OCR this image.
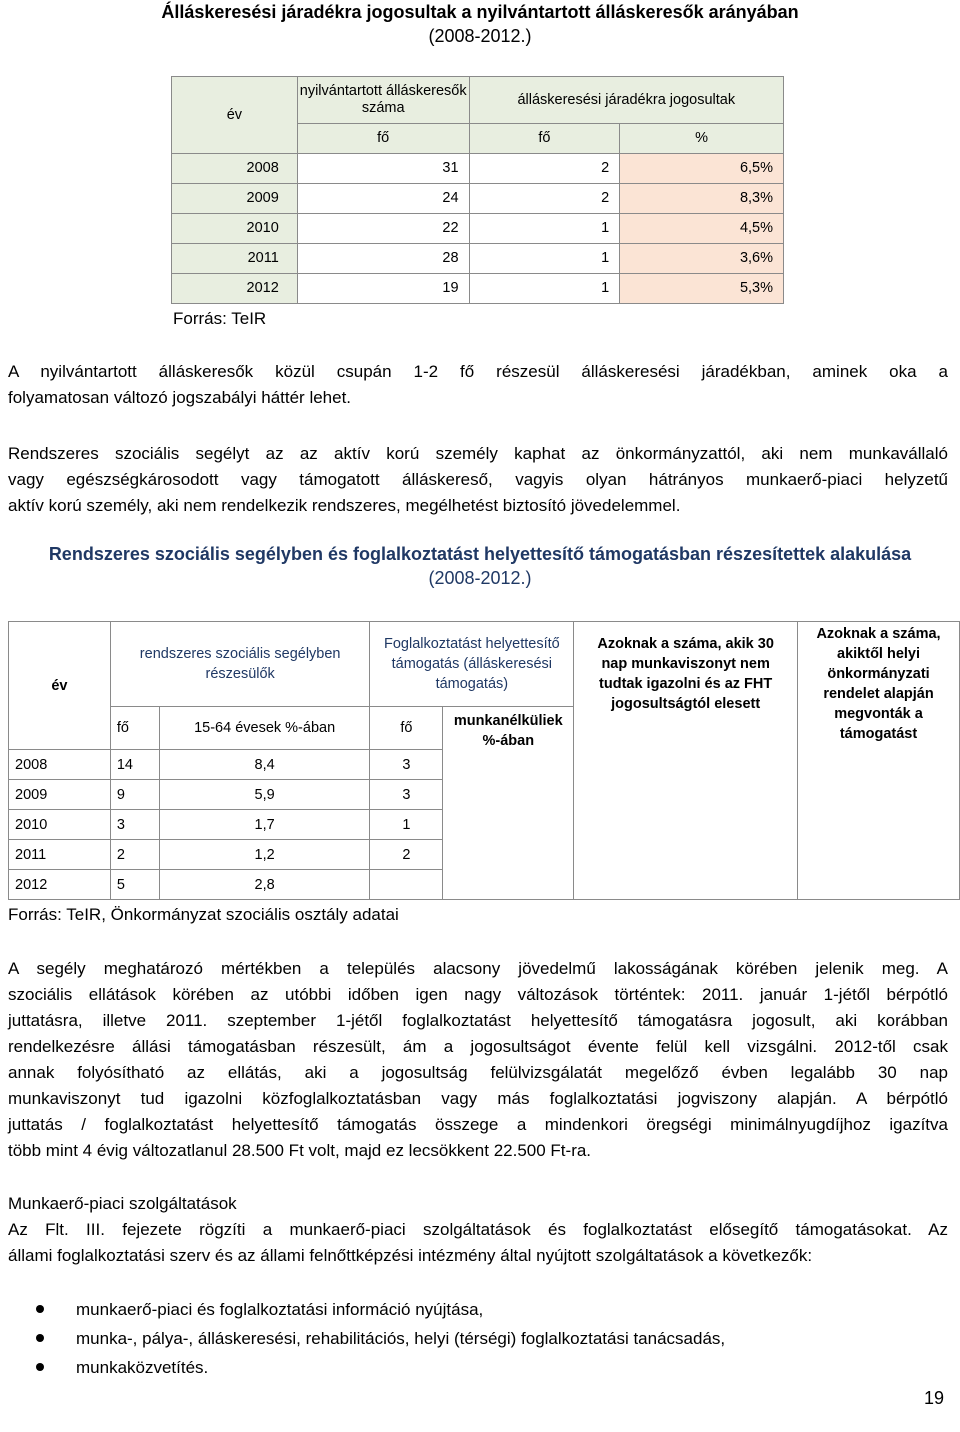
Álláskeresési járadékra jogosultak a nyilvántartott álláskeresők arányában
(2008-2012.)
év	nyilvántartott álláskeresők száma	álláskeresési járadékra jogosultak	
	fő	fő	%
2008	31	2	6,5%
2009	24	2	8,3%
2010	22	1	4,5%
2011	28	1	3,6%
2012	19	1	5,3%
Forrás: TeIR
A nyilvántartott álláskeresők közül csupán 1-2 fő részesül álláskeresési járadékban, aminek oka a
folyamatosan változó jogszabályi háttér lehet.
Rendszeres szociális segélyt az az aktív korú személy kaphat az önkormányzattól, aki nem munkavállaló
vagy egészségkárosodott vagy támogatott álláskereső, vagyis olyan hátrányos munkaerő-piaci helyzetű
aktív korú személy, aki nem rendelkezik rendszeres, megélhetést biztosító jövedelemmel.
Rendszeres szociális segélyben és foglalkoztatást helyettesítő támogatásban részesítettek alakulása
(2008-2012.)
év	rendszeres szociális segélyben részesülők		Foglalkoztatást helyettesítő támogatás (álláskeresési támogatás)		Azoknak a száma, akik 30 nap munkaviszonyt nem tudtak igazolni és az FHT jogosultságtól elesett	Azoknak a száma, akiktől helyi önkormányzati rendelet alapján megvonták a támogatást
	fő	15-64 évesek %-ában	fő	munkanélküliek %-ában		
2008	14	8,4	3			
2009	9	5,9	3			
2010	3	1,7	1			
2011	2	1,2	2			
2012	5	2,8				
Forrás: TeIR, Önkormányzat szociális osztály adatai
A segély meghatározó mértékben a település alacsony jövedelmű lakosságának körében jelenik meg. A
szociális ellátások körében az utóbbi időben igen nagy változások történtek: 2011. január 1-jétől bérpótló
juttatásra, illetve 2011. szeptember 1-jétől foglalkoztatást helyettesítő támogatásra jogosult, aki korábban
rendelkezésre állási támogatásban részesült, ám a jogosultságot évente felül kell vizsgálni. 2012-től csak
annak folyósítható az ellátás, aki a jogosultság felülvizsgálatát megelőző évben legalább 30 nap
munkaviszonyt tud igazolni közfoglalkoztatásban vagy más foglalkoztatási jogviszony alapján. A bérpótló
juttatás / foglalkoztatást helyettesítő támogatás összege a mindenkori öregségi minimálnyugdíjhoz igazítva
több mint 4 évig változatlanul 28.500 Ft volt, majd ez lecsökkent 22.500 Ft-ra.
Munkaerő-piaci szolgáltatások
Az Flt. III. fejezete rögzíti a munkaerő-piaci szolgáltatások és foglalkoztatást elősegítő támogatásokat. Az
állami foglalkoztatási szerv és az állami felnőttképzési intézmény által nyújtott szolgáltatások a következők:
munkaerő-piaci és foglalkoztatási információ nyújtása,
munka-, pálya-, álláskeresési, rehabilitációs, helyi (térségi) foglalkoztatási tanácsadás,
munkaközvetítés.
19
